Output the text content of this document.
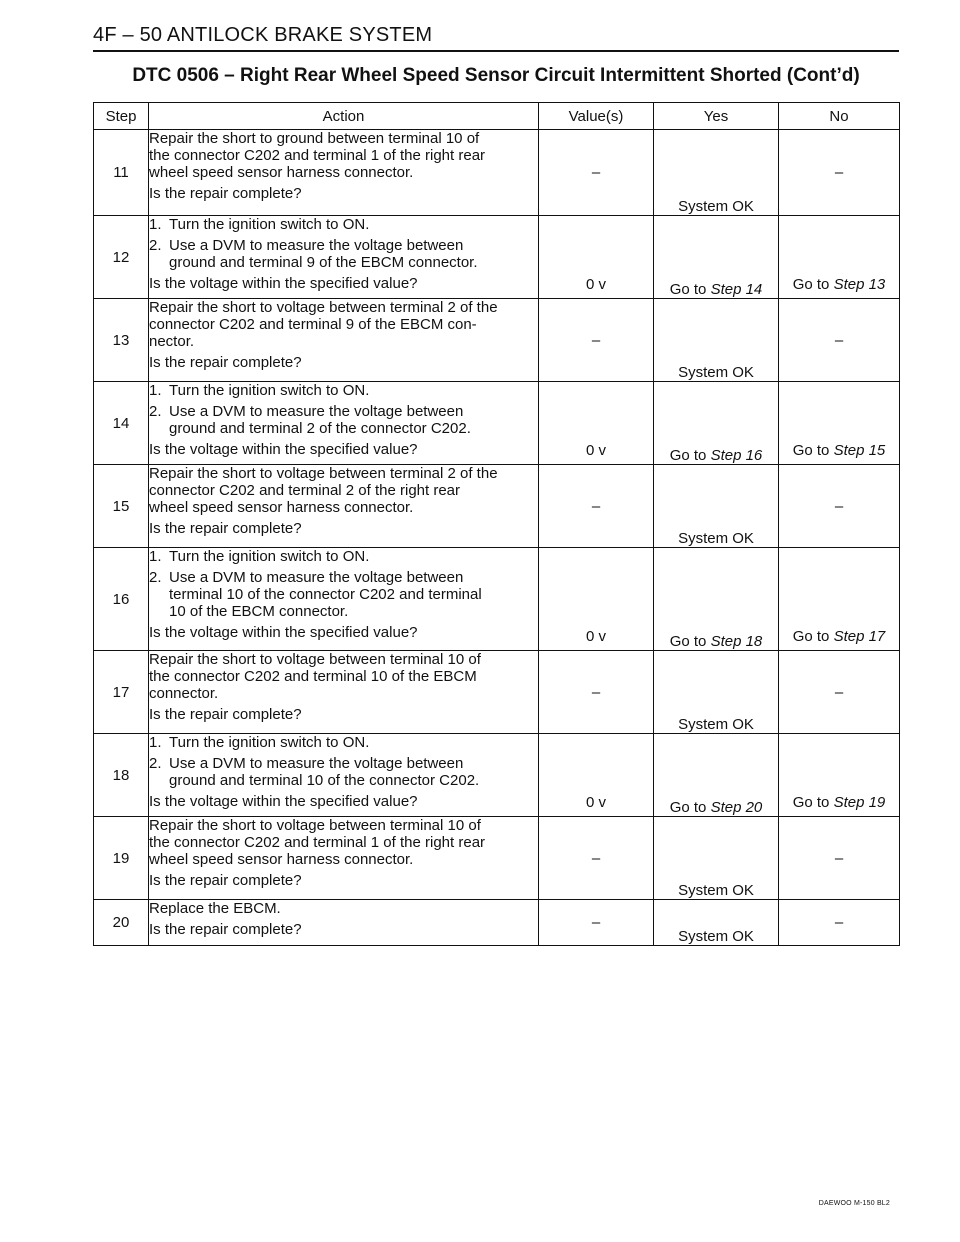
4F – 50 ANTILOCK BRAKE SYSTEM
DTC 0506 – Right Rear Wheel Speed Sensor Circuit Intermittent Shorted (Cont’d)
Step	Action	Value(s)	Yes	No
11	Repair the short to ground between terminal 10 of
the connector C202 and terminal 1 of the right rear
wheel speed sensor harness connector.
Is the repair complete?	–	System OK	–
12	1. Turn the ignition switch to ON.
2. Use a DVM to measure the voltage between
ground and terminal 9 of the EBCM connector.
Is the voltage within the specified value?	0 v	Go to Step 14	Go to Step 13
13	Repair the short to voltage between terminal 2 of the
connector C202 and terminal 9 of the EBCM con-
nector.
Is the repair complete?	–	System OK	–
14	1. Turn the ignition switch to ON.
2. Use a DVM to measure the voltage between
ground and terminal 2 of the connector C202.
Is the voltage within the specified value?	0 v	Go to Step 16	Go to Step 15
15	Repair the short to voltage between terminal 2 of the
connector C202 and terminal 2 of the right rear
wheel speed sensor harness connector.
Is the repair complete?	–	System OK	–
16	1. Turn the ignition switch to ON.
2. Use a DVM to measure the voltage between
terminal 10 of the connector C202 and terminal
10 of the EBCM connector.
Is the voltage within the specified value?	0 v	Go to Step 18	Go to Step 17
17	Repair the short to voltage between terminal 10 of
the connector C202 and terminal 10 of the EBCM
connector.
Is the repair complete?	–	System OK	–
18	1. Turn the ignition switch to ON.
2. Use a DVM to measure the voltage between
ground and terminal 10 of the connector C202.
Is the voltage within the specified value?	0 v	Go to Step 20	Go to Step 19
19	Repair the short to voltage between terminal 10 of
the connector C202 and terminal 1 of the right rear
wheel speed sensor harness connector.
Is the repair complete?	–	System OK	–
20	Replace the EBCM.
Is the repair complete?	–	System OK	–
DAEWOO M-150 BL2
